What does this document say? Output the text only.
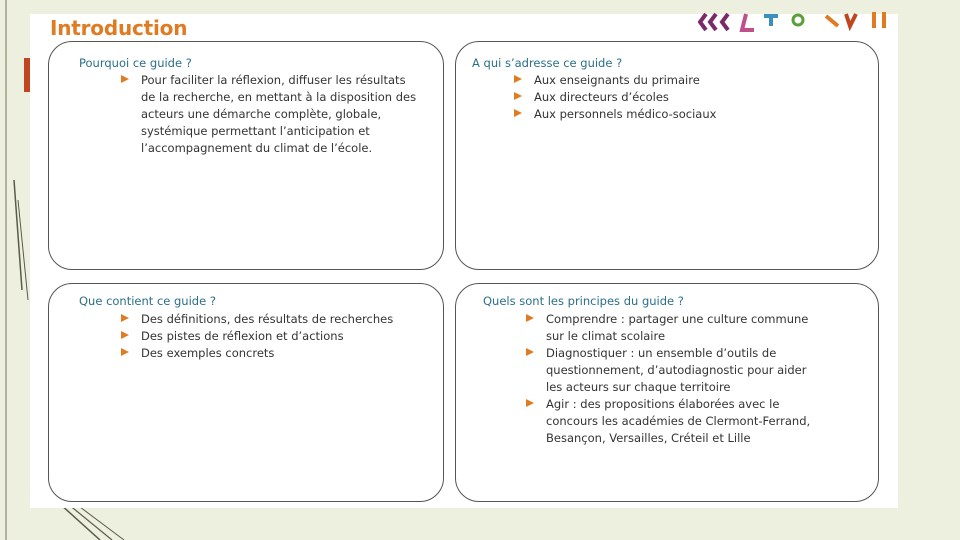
Introduction
Pourquoi ce guide ?
Pour faciliter la réflexion, diffuser les résultats de la recherche, en mettant à la disposition des acteurs une démarche complète, globale, systémique permettant l’anticipation et l’accompagnement du climat de l’école.
A qui s’adresse ce guide ?
Aux enseignants du primaire
Aux directeurs d’écoles
Aux personnels médico-sociaux
Que contient ce guide ?
Des définitions, des résultats de recherches
Des pistes de réflexion et d’actions
Des exemples concrets
Quels sont les principes du guide ?
Comprendre : partager une culture commune sur le climat scolaire
Diagnostiquer : un ensemble d’outils de questionnement, d’autodiagnostic pour aider les acteurs sur chaque territoire
Agir : des propositions élaborées avec le concours les académies de Clermont-Ferrand, Besançon, Versailles, Créteil et Lille
